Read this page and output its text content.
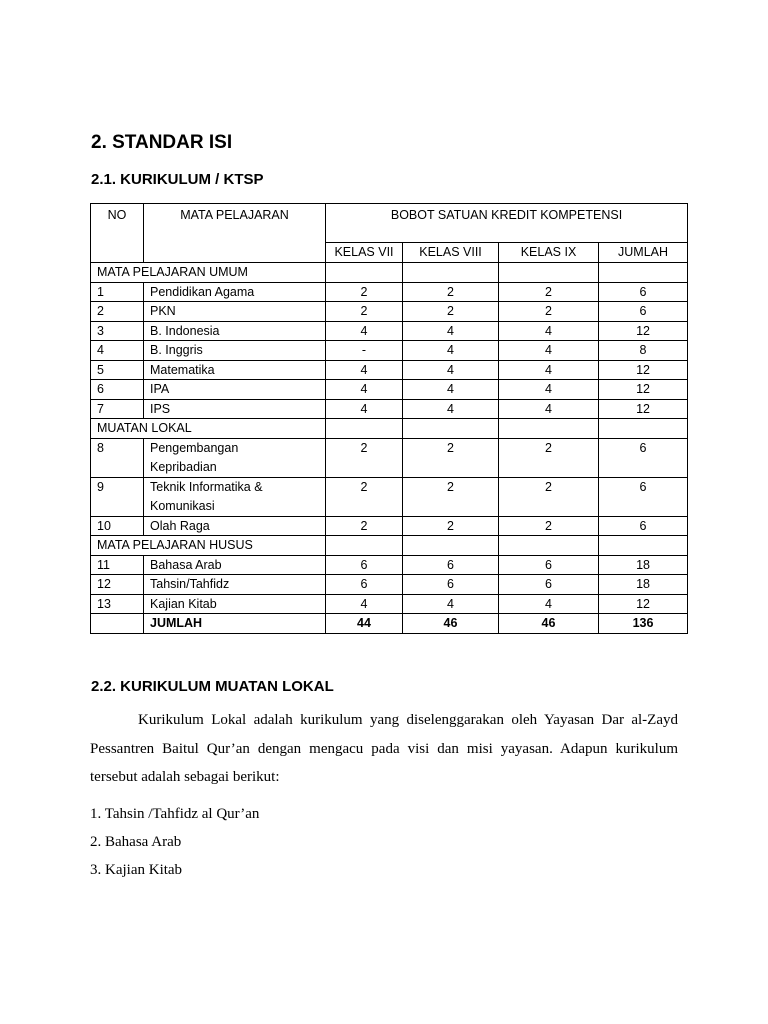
2. STANDAR ISI
2.1. KURIKULUM / KTSP
NO	MATA PELAJARAN	BOBOT SATUAN KREDIT KOMPETENSI			
		KELAS VII	KELAS VIII	KELAS IX	JUMLAH
MATA PELAJARAN UMUM					
1	Pendidikan Agama	2	2	2	6
2	PKN	2	2	2	6
3	B. Indonesia	4	4	4	12
4	B. Inggris	-	4	4	8
5	Matematika	4	4	4	12
6	IPA	4	4	4	12
7	IPS	4	4	4	12
MUATAN LOKAL					
8	Pengembangan
Kepribadian	2	2	2	6
9	Teknik Informatika &
Komunikasi	2	2	2	6
10	Olah Raga	2	2	2	6
MATA PELAJARAN HUSUS					
11	Bahasa Arab	6	6	6	18
12	Tahsin/Tahfidz	6	6	6	18
13	Kajian Kitab	4	4	4	12
	JUMLAH	44	46	46	136
2.2. KURIKULUM MUATAN LOKAL
Kurikulum Lokal adalah kurikulum yang diselenggarakan oleh Yayasan Dar al-Zayd Pessantren Baitul Qur’an dengan mengacu pada visi dan misi yayasan. Adapun kurikulum tersebut adalah sebagai berikut:
1. Tahsin /Tahfidz al Qur’an
2. Bahasa Arab
3. Kajian Kitab
